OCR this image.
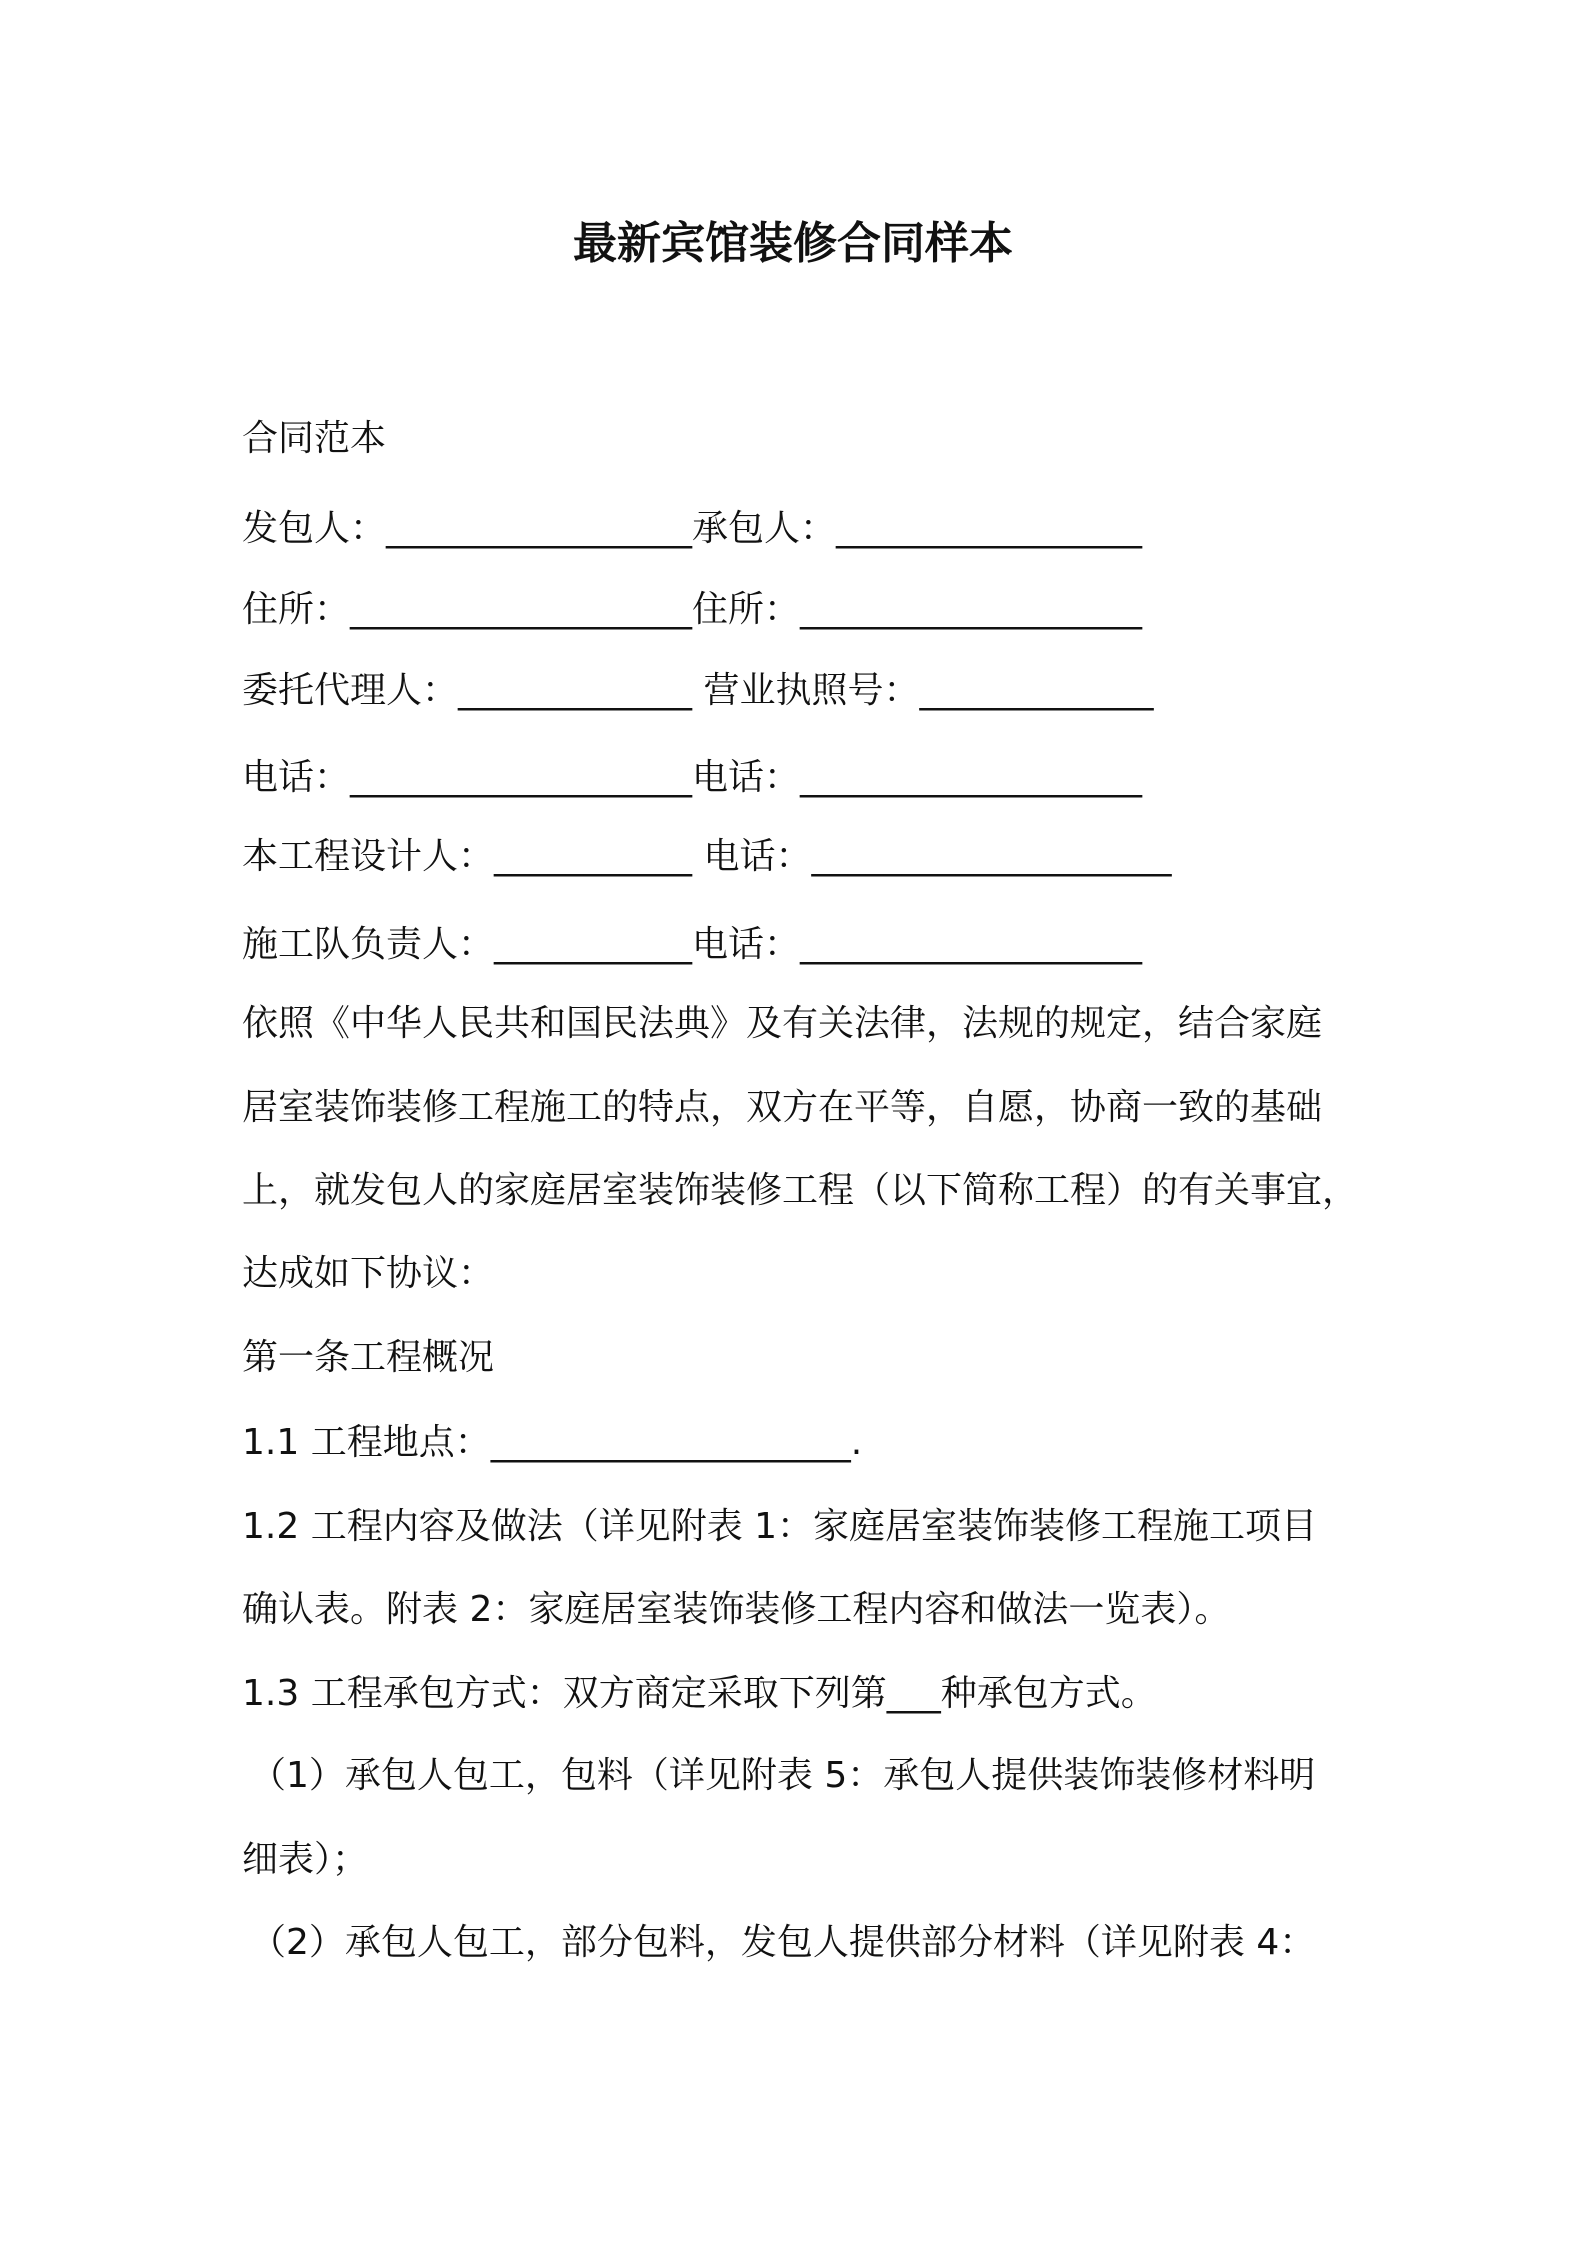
最新宾馆装修合同样本
合同范本
发包人：_________________承包人：_________________
住所：___________________住所：___________________
委托代理人：_____________ 营业执照号：_____________
电话：___________________电话：___________________
本工程设计人：___________ 电话：____________________
施工队负责人：___________电话：___________________
依照《中华人民共和国民法典》及有关法律，法规的规定，结合家庭
居室装饰装修工程施工的特点，双方在平等，自愿，协商一致的基础
上，就发包人的家庭居室装饰装修工程（以下简称工程）的有关事宜，
达成如下协议：
第一条工程概况
1.1 工程地点：____________________.
1.2 工程内容及做法（详见附表 1：家庭居室装饰装修工程施工项目
确认表。附表 2：家庭居室装饰装修工程内容和做法一览表）。
1.3 工程承包方式：双方商定采取下列第___种承包方式。
（1）承包人包工，包料（详见附表 5：承包人提供装饰装修材料明
细表）；
（2）承包人包工，部分包料，发包人提供部分材料（详见附表 4：
